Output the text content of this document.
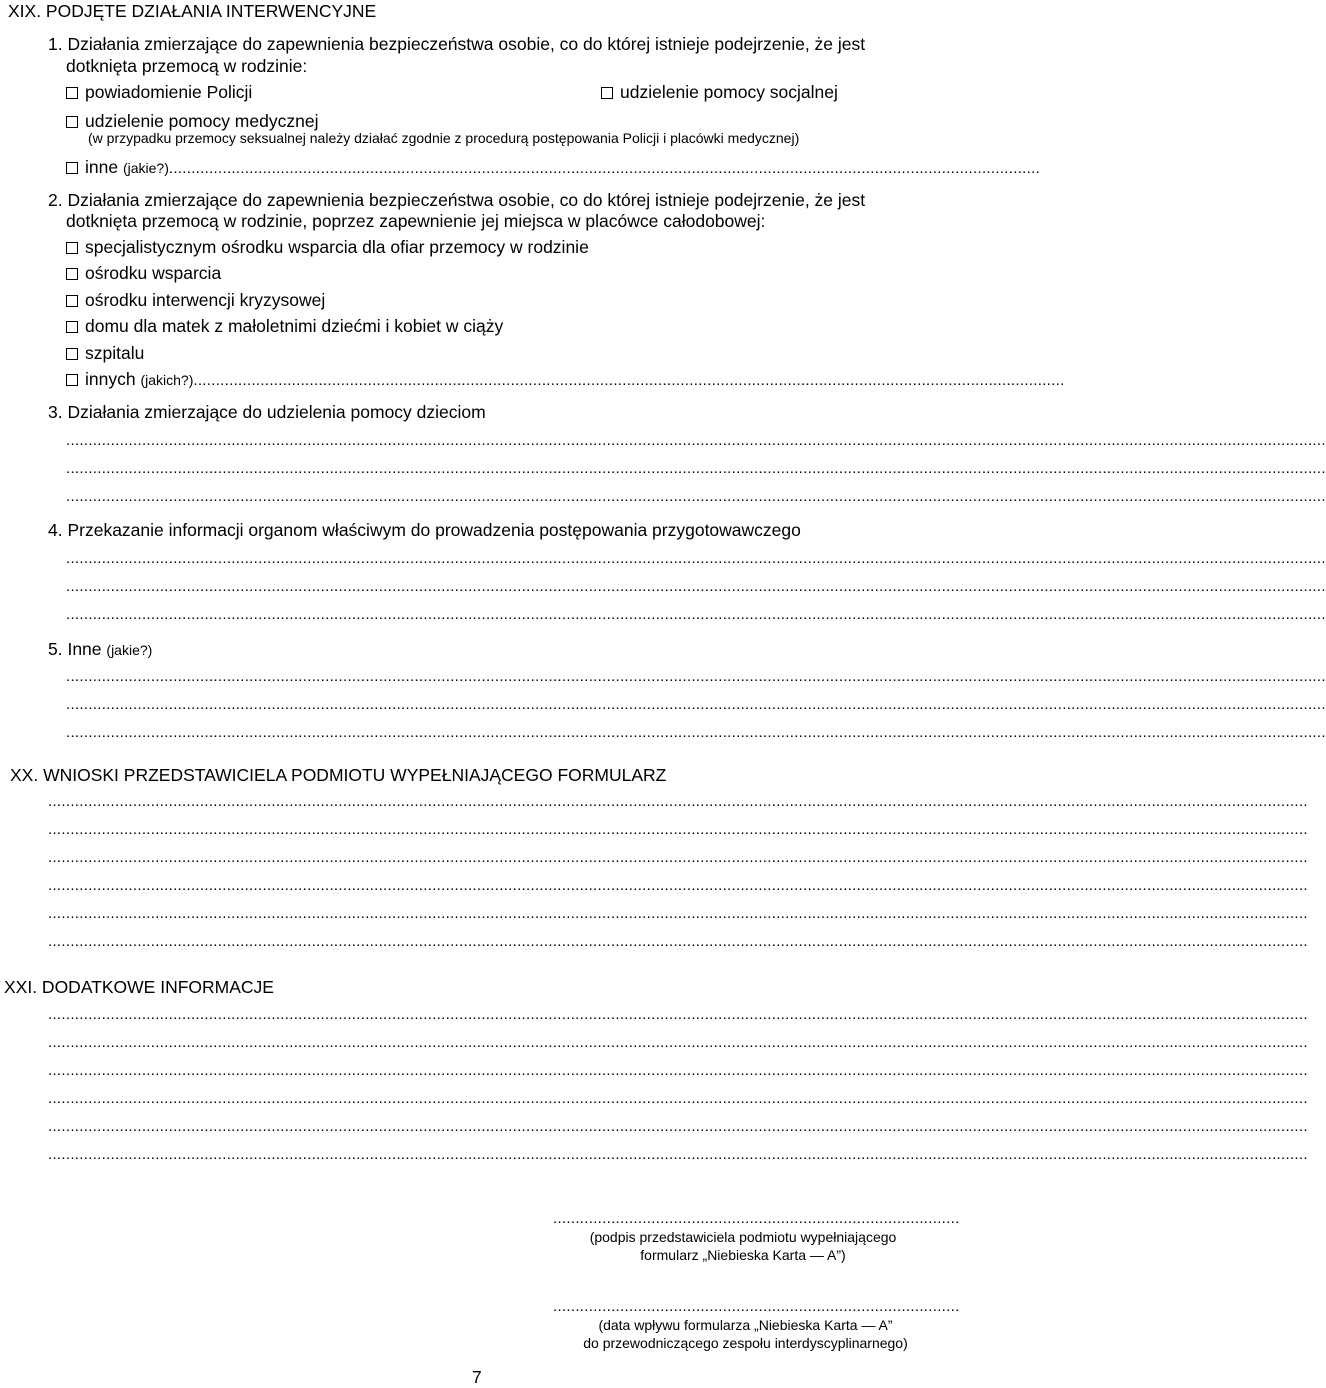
XIX. PODJĘTE DZIAŁANIA INTERWENCYJNE
1. Działania zmierzające do zapewnienia bezpieczeństwa osobie, co do której istnieje podejrzenie, że jest
dotknięta przemocą w rodzinie:
powiadomienie Policji	udzielenie pomocy socjalnej
udzielenie pomocy medycznej
(w przypadku przemocy seksualnej należy działać zgodnie z procedurą postępowania Policji i placówki medycznej)
inne (jakie?)...................................................................................................................................................................................................
2. Działania zmierzające do zapewnienia bezpieczeństwa osobie, co do której istnieje podejrzenie, że jest
dotknięta przemocą w rodzinie, poprzez zapewnienie jej miejsca w placówce całodobowej:
specjalistycznym ośrodku wsparcia dla ofiar przemocy w rodzinie
ośrodku wsparcia
ośrodku interwencji kryzysowej
domu dla matek z małoletnimi dziećmi i kobiet w ciąży
szpitalu
innych (jakich?)...................................................................................................................................................................................................
3. Działania zmierzające do udzielenia pomocy dzieciom
..........................................................................................................................................................................................................................................................................................
..........................................................................................................................................................................................................................................................................................
..........................................................................................................................................................................................................................................................................................
4. Przekazanie informacji organom właściwym do prowadzenia postępowania przygotowawczego
..........................................................................................................................................................................................................................................................................................
..........................................................................................................................................................................................................................................................................................
..........................................................................................................................................................................................................................................................................................
5. Inne (jakie?)
..........................................................................................................................................................................................................................................................................................
..........................................................................................................................................................................................................................................................................................
..........................................................................................................................................................................................................................................................................................
XX. WNIOSKI PRZEDSTAWICIELA PODMIOTU WYPEŁNIAJĄCEGO FORMULARZ
..........................................................................................................................................................................................................................................................................................
..........................................................................................................................................................................................................................................................................................
..........................................................................................................................................................................................................................................................................................
..........................................................................................................................................................................................................................................................................................
..........................................................................................................................................................................................................................................................................................
..........................................................................................................................................................................................................................................................................................
XXI. DODATKOWE INFORMACJE
..........................................................................................................................................................................................................................................................................................
..........................................................................................................................................................................................................................................................................................
..........................................................................................................................................................................................................................................................................................
..........................................................................................................................................................................................................................................................................................
..........................................................................................................................................................................................................................................................................................
..........................................................................................................................................................................................................................................................................................
...........................................................................................
(podpis przedstawiciela podmiotu wypełniającego
formularz „Niebieska Karta — A”)
...........................................................................................
(data wpływu formularza „Niebieska Karta — A”
do przewodniczącego zespołu interdyscyplinarnego)
7
